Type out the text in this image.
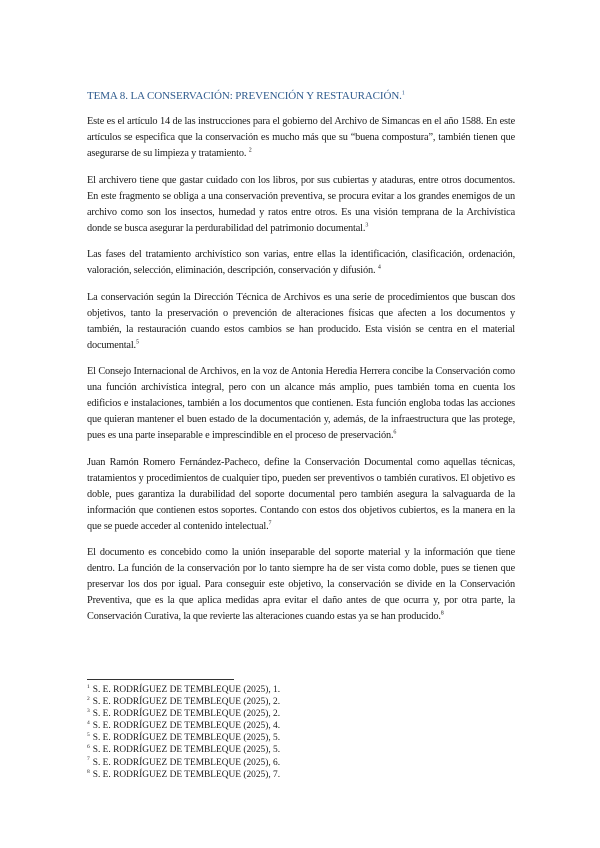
TEMA 8. LA CONSERVACIÓN: PREVENCIÓN Y RESTAURACIÓN.$^1$

Este es el artículo 14 de las instrucciones para el gobierno del Archivo de Simancas en el año 1588. En este artículos se especifica que la conservación es mucho más que su “buena compostura”, también tienen que asegurarse de su limpieza y tratamiento. $^2$

El archivero tiene que gastar cuidado con los libros, por sus cubiertas y ataduras, entre otros documentos. En este fragmento se obliga a una conservación preventiva, se procura evitar a los grandes enemigos de un archivo como son los insectos, humedad y ratos entre otros. Es una visión temprana de la Archivística donde se busca asegurar la perdurabilidad del patrimonio documental.$^3$

Las fases del tratamiento archivístico son varias, entre ellas la identificación, clasificación, ordenación, valoración, selección, eliminación, descripción, conservación y difusión. $^4$

La conservación según la Dirección Técnica de Archivos es una serie de procedimientos que buscan dos objetivos, tanto la preservación o prevención de alteraciones físicas que afecten a los documentos y también, la restauración cuando estos cambios se han producido. Esta visión se centra en el material documental.$^5$

El Consejo Internacional de Archivos, en la voz de Antonia Heredia Herrera concibe la Conservación como una función archivística integral, pero con un alcance más amplio, pues también toma en cuenta los edificios e instalaciones, también a los documentos que contienen. Esta función engloba todas las acciones que quieran mantener el buen estado de la documentación y, además, de la infraestructura que las protege, pues es una parte inseparable e imprescindible en el proceso de preservación.$^6$

Juan Ramón Romero Fernández-Pacheco, define la Conservación Documental como aquellas técnicas, tratamientos y procedimientos de cualquier tipo, pueden ser preventivos o también curativos. El objetivo es doble, pues garantiza la durabilidad del soporte documental pero también asegura la salvaguarda de la información que contienen estos soportes. Contando con estos dos objetivos cubiertos, es la manera en la que se puede acceder al contenido intelectual.$^7$

El documento es concebido como la unión inseparable del soporte material y la información que tiene dentro. La función de la conservación por lo tanto siempre ha de ser vista como doble, pues se tienen que preservar los dos por igual. Para conseguir este objetivo, la conservación se divide en la Conservación Preventiva, que es la que aplica medidas apra evitar el daño antes de que ocurra y, por otra parte, la Conservación Curativa, la que revierte las alteraciones cuando estas ya se han producido.$^8$

$^1$ S. E. RODRÍGUEZ DE TEMBLEQUE (2025), 1.

$^2$ S. E. RODRÍGUEZ DE TEMBLEQUE (2025), 2.

$^3$ S. E. RODRÍGUEZ DE TEMBLEQUE (2025), 2.

$^4$ S. E. RODRÍGUEZ DE TEMBLEQUE (2025), 4.

$^5$ S. E. RODRÍGUEZ DE TEMBLEQUE (2025), 5.

$^6$ S. E. RODRÍGUEZ DE TEMBLEQUE (2025), 5.

$^7$ S. E. RODRÍGUEZ DE TEMBLEQUE (2025), 6.

$^8$ S. E. RODRÍGUEZ DE TEMBLEQUE (2025), 7.
